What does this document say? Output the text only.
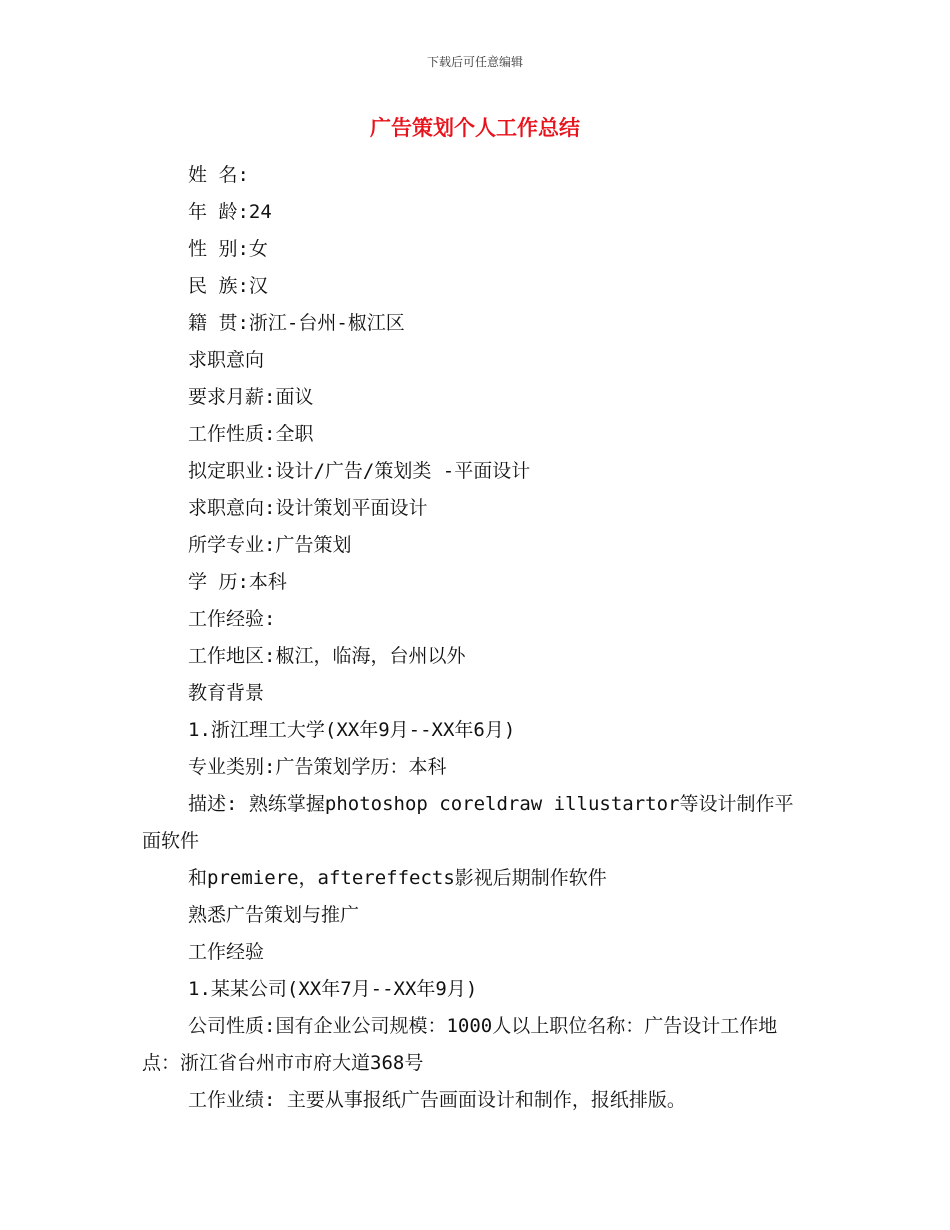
下载后可任意编辑
广告策划个人工作总结

姓 名:

年 龄:24

性 别:女

民 族:汉

籍 贯:浙江-台州-椒江区

求职意向

要求月薪:面议

工作性质:全职

拟定职业:设计/广告/策划类 -平面设计

求职意向:设计策划平面设计

所学专业:广告策划

学 历:本科

工作经验:

工作地区:椒江，临海，台州以外

教育背景

1.浙江理工大学(XX年9月--XX年6月)

专业类别:广告策划学历：本科

描述: 熟练掌握photoshop coreldraw illustartor等设计制作平面软件

和premiere，aftereffects影视后期制作软件

熟悉广告策划与推广

工作经验

1.某某公司(XX年7月--XX年9月)

公司性质:国有企业公司规模：1000人以上职位名称：广告设计工作地点：浙江省台州市市府大道368号

工作业绩: 主要从事报纸广告画面设计和制作，报纸排版。
